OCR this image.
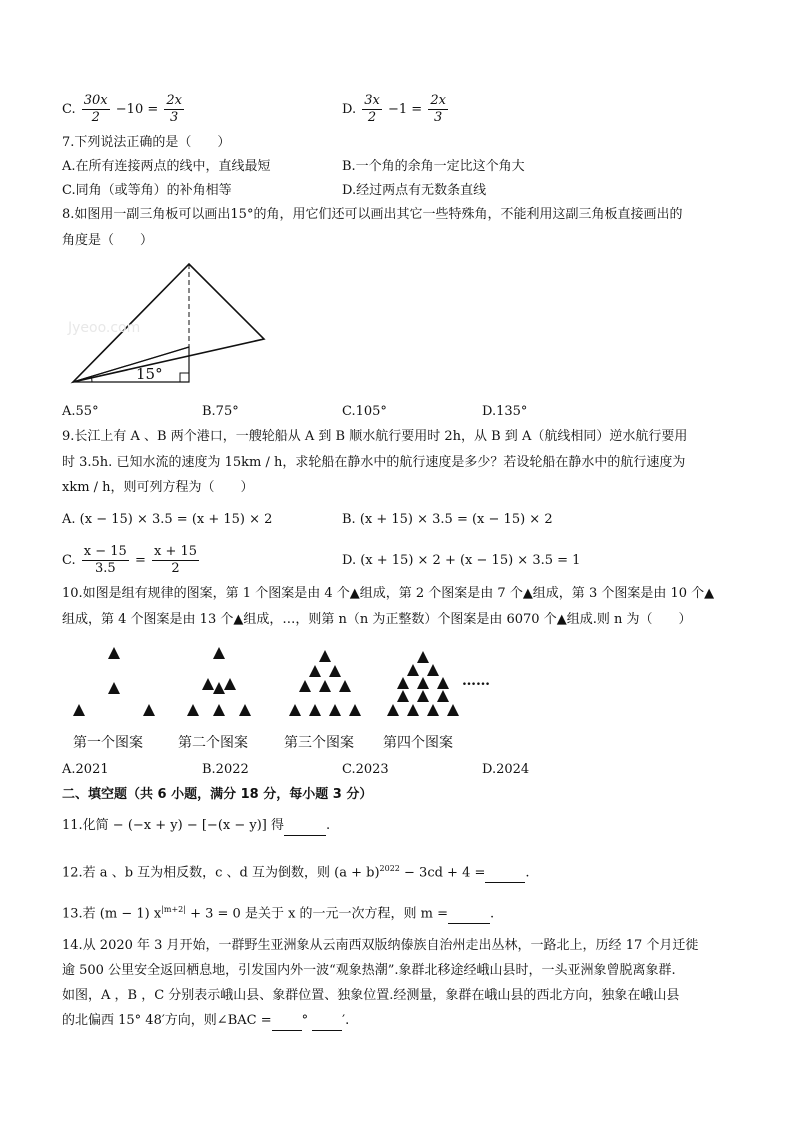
C. $\frac{30x}{2} -10 = \frac{2x}{3}$	D. $\frac{3x}{2} -1 = \frac{2x}{3}$
7.下列说法正确的是（　　）
A.在所有连接两点的线中，直线最短	B.一个角的余角一定比这个角大
C.同角（或等角）的补角相等	D.经过两点有无数条直线
8.如图用一副三角板可以画出15°的角，用它们还可以画出其它一些特殊角，不能利用这副三角板直接画出的
角度是（　　）
15°
Jyeoo.com
A.55°	B.75°	C.105°	D.135°
9.长江上有 A 、B 两个港口，一艘轮船从 A 到 B 顺水航行要用时 2h，从 B 到 A（航线相同）逆水航行要用
时 3.5h. 已知水流的速度为 15km / h，求轮船在静水中的航行速度是多少？若设轮船在静水中的航行速度为
xkm / h，则可列方程为（　　）
A. (x − 15) × 3.5 = (x + 15) × 2	B. (x + 15) × 3.5 = (x − 15) × 2
C. $\frac{x - 15}{3.5} = \frac{x + 15}{2}$	D. (x + 15) × 2 + (x − 15) × 3.5 = 1
10.如图是组有规律的图案，第 1 个图案是由 4 个▲组成，第 2 个图案是由 7 个▲组成，第 3 个图案是由 10 个▲
组成，第 4 个图案是由 13 个▲组成，…，则第 n（n 为正整数）个图案是由 6070 个▲组成.则 n 为（　　）
……
第一个图案	第二个图案	第三个图案 第四个图案
A.2021	B.2022	C.2023	D.2024
二、填空题（共 6 小题，满分 18 分，每小题 3 分）
11.化简 − (−x + y) − [−(x − y)] 得	.
12.若 a 、b 互为相反数，c 、d 互为倒数，则 $(a + b)^{2022} - 3cd + 4$ =	.
13.若 (m − 1) $x^{|m+2|} + 3 = 0$ 是关于 x 的一元一次方程，则 m =	.
14.从 2020 年 3 月开始，一群野生亚洲象从云南西双版纳傣族自治州走出丛林，一路北上，历经 17 个月迁徙
逾 500 公里安全返回栖息地，引发国内外一波“观象热潮”.象群北移途经峨山县时，一头亚洲象曾脱离象群.
如图，A ，B ，C 分别表示峨山县、象群位置、独象位置.经测量，象群在峨山县的西北方向，独象在峨山县
的北偏西 15° 48′方向，则∠BAC = °	′.
